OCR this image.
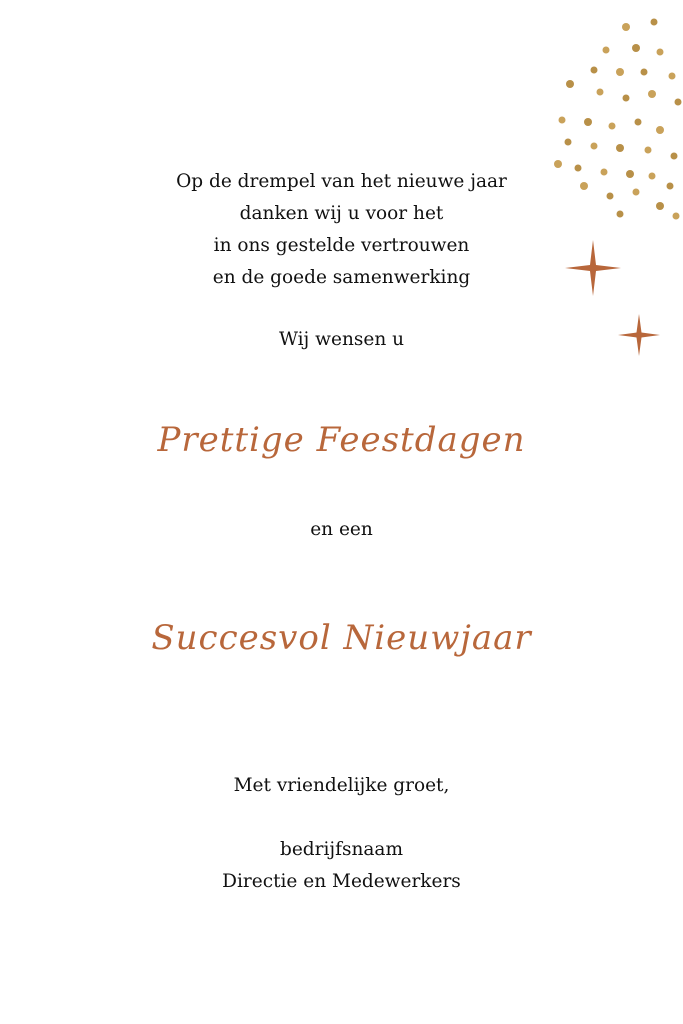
Op de drempel van het nieuwe jaar
danken wij u voor het
in ons gestelde vertrouwen
en de goede samenwerking
Wij wensen u
Prettige Feestdagen
en een
Succesvol Nieuwjaar
Met vriendelijke groet,
bedrijfsnaam
Directie en Medewerkers
